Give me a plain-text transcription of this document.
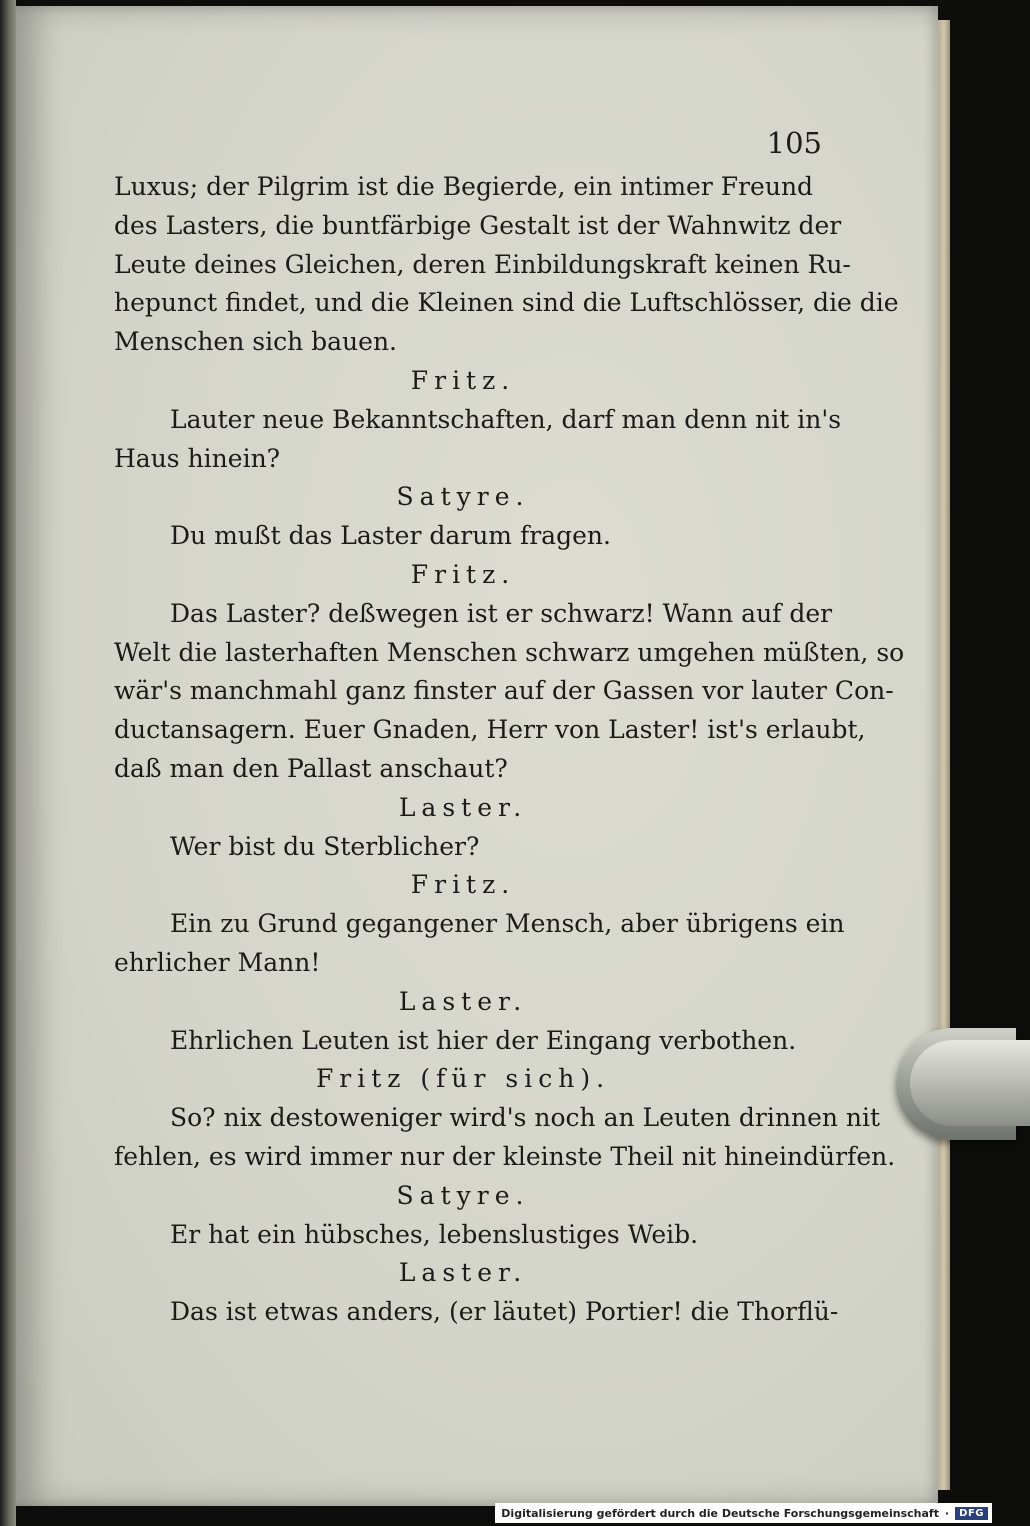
105
Luxus; der Pilgrim ist die Begierde, ein intimer Freund
des Lasters, die buntfärbige Gestalt ist der Wahnwitz der
Leute deines Gleichen, deren Einbildungskraft keinen Ru-
hepunct findet, und die Kleinen sind die Luftschlösser, die die
Menschen sich bauen.
Fritz.
Lauter neue Bekanntschaften, darf man denn nit in's
Haus hinein?
Satyre.
Du mußt das Laster darum fragen.
Fritz.
Das Laster? deßwegen ist er schwarz! Wann auf der
Welt die lasterhaften Menschen schwarz umgehen müßten, so
wär's manchmahl ganz finster auf der Gassen vor lauter Con-
ductansagern. Euer Gnaden, Herr von Laster! ist's erlaubt,
daß man den Pallast anschaut?
Laster.
Wer bist du Sterblicher?
Fritz.
Ein zu Grund gegangener Mensch, aber übrigens ein
ehrlicher Mann!
Laster.
Ehrlichen Leuten ist hier der Eingang verbothen.
Fritz (für sich).
So? nix destoweniger wird's noch an Leuten drinnen nit
fehlen, es wird immer nur der kleinste Theil nit hineindürfen.
Satyre.
Er hat ein hübsches, lebenslustiges Weib.
Laster.
Das ist etwas anders, (er läutet) Portier! die Thorflü-
Digitalisierung gefördert durch die Deutsche Forschungsgemeinschaft ·	DFG
